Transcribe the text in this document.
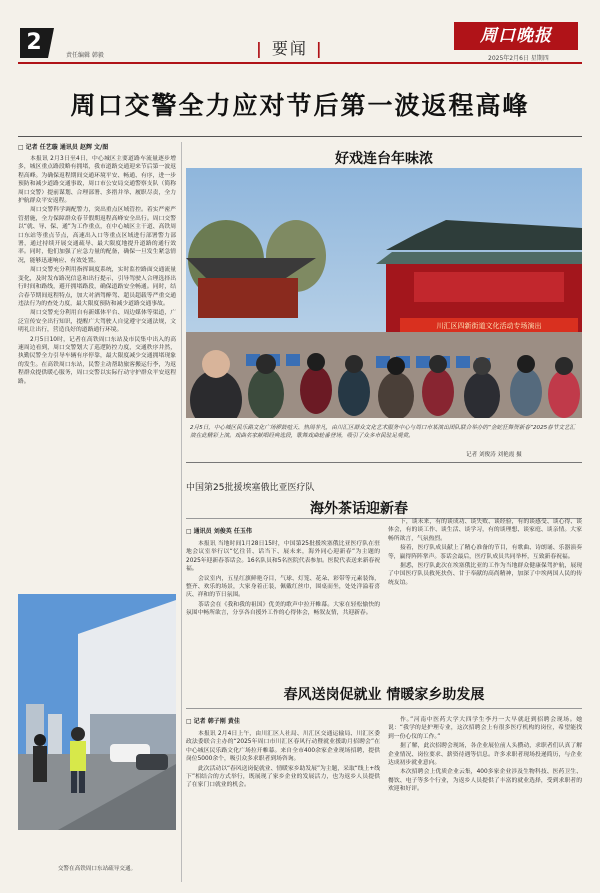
2
责任编辑 韩毅
|	要闻 |
周口晚报
2025年2月6日 星期四
周口交警全力应对节后第一波返程高峰
□ 记者 任艺璇 通讯员 赵辉 文/图

本报讯 2月3日至4日，中心城区主要道路车流量逐步增多，城区重点路段略有拥堵，我市道路交通迎来节后第一波返程高峰。为确保返程期间交通环境平安、畅通、有序，进一步预防和减少道路交通事故，周口市公安局交通警察支队（简称周口交警）提前谋划、合理部署、多措并举、履职尽责，全力护航群众平安返程。

周口交警科学调配警力，突出重点区域管控。着实严密严管措施，全力保障群众春节假期返程高峰安全出行。周口交警以“就、导、保、通”为工作重点，在中心城区主干道、高铁周口东站等重点节点，高速出入口等重点区域进行部署警力部署，通过持续开展交通疏导、最大限度地提升道路的通行效率。同时，他们加强了应急力量的配备，确保一旦发生紧急情况，能够迅速响应、有效处置。

周口交警充分利用指挥调度系统，实时监控路面交通流量变化，及时发布路况信息和出行提示，引导驾驶人合理选择出行时间和路线，避开拥堵路段，确保道路安全畅通。同时，结合春节期间返程特点，加大对酒驾醉驾、超员超载等严重交通违法行为的查处力度，最大限度预防和减少道路交通事故。

周口交警充分利用自有新媒体平台、周边媒体等渠道，广泛宣传安全出行知识，提醒广大驾驶人自觉遵守交通法规，文明礼让出行，营造良好的道路通行环境。

2月5日10时，记者在高铁周口东站及市民集中出入的高速周边看到，周口交警划大了巡逻防控力度，交通秩序井然，执勤民警全力引导车辆有序停靠，最大限度减少交通拥堵现象的发生。在高铁周口东站，民警主动帮助旅客搬运行李，为返程群众提供暖心服务，周口交警以实际行动守护群众平安返程路。

好戏连台年味浓
川汇区四新街道文化活动专场演出
2月5日，中心城区民乐路文化广场锣鼓喧天、热闹非凡，由川汇区群众文化艺术服务中心与周口市某演出团队联合举办的“金蛇狂舞贺新春”2025春节文艺汇演在此精彩上演。戏曲名家献唱经典选段，歌舞戏曲轮番登场，吸引了众多市民驻足观赏。
记者 刘俊涛 刘艳霞 摄
中国第25批援埃塞俄比亚医疗队
海外茶话迎新春
□ 通讯员 刘俊英 任玉伟

本报讯 当地时间1月28日15时，中国第25批援埃塞俄比亚医疗队在驻地会议室举行以“忆往昔、话当下、展未来，海外同心迎新春”为主题的2025年迎新春茶话会。16名队员和5名医院代表参加。医院代表送来新春祝福。

会议室内，五星红旗鲜艳夺目，气球、灯笼、花朵、彩带等元素装饰，整齐、欢乐的场景，大家身着正装，佩戴红丝巾，围桌而坐，处处洋溢着喜庆、祥和的节日氛围。

茶话会在《我和我的祖国》优美的歌声中拉开帷幕。大家在轻松愉快的氛围中畅所欲言，分享各自援外工作的心得体会，畅叙友情，共迎新春。

下，谈未来，有的谈成功、谈失败、谈经验，有的谈感受、谈心得、谈体会，有的谈工作、谈生活、谈学习，有的谈理想、谈家庭、谈亲情。大家畅所欲言，气氛热烈。

接着，医疗队成员献上了精心准备的节目，有歌曲、诗朗诵、乐器演奏等，赢得阵阵掌声。茶话会最后，医疗队成员共同举杯，互致新春祝福。

据悉，医疗队此次在埃塞俄比亚的工作为当地群众健康保驾护航，展现了中国医疗队员救死扶伤、甘于奉献的高尚精神，加深了中埃两国人民的传统友谊。

交警在高铁周口东站疏导交通。
春风送岗促就业 情暖家乡助发展
□ 记者 韩子刚 黄佳

本报讯 2月4日上午，由川汇区人社局、川汇区交通运输局、川汇区委政法委联合主办的“2025年周口市川汇区春风行动暨就业援助月招聘会”在中心城区民乐路文化广场拉开帷幕。来自全市400余家企业现场招聘，提供岗位5000余个，吸引众多求职者到场咨询。

此次活动以“春风送岗促就业、情暖家乡助发展”为主题，采取“线上+线下”相结合的方式举行，既展现了家乡企业的发展活力，也为返乡人员提供了在家门口就业的机会。

作。”河南中医药大学大四学生李丹一大早就赶到招聘会现场。她说：“我学的是护理专业，这次招聘会上有很多医疗机构的岗位，希望能找到一份心仪的工作。”

据了解，此次招聘会现场，各企业展位前人头攒动，求职者们认真了解企业情况、岗位要求、薪资待遇等信息。许多求职者现场投递简历，与企业达成初步就业意向。

本次招聘会上优质企业云集，400多家企业涉及生物科技、医药卫生、餐饮、电子等多个行业，为返乡人员提供了丰富的就业选择，受到求职者的欢迎和好评。
